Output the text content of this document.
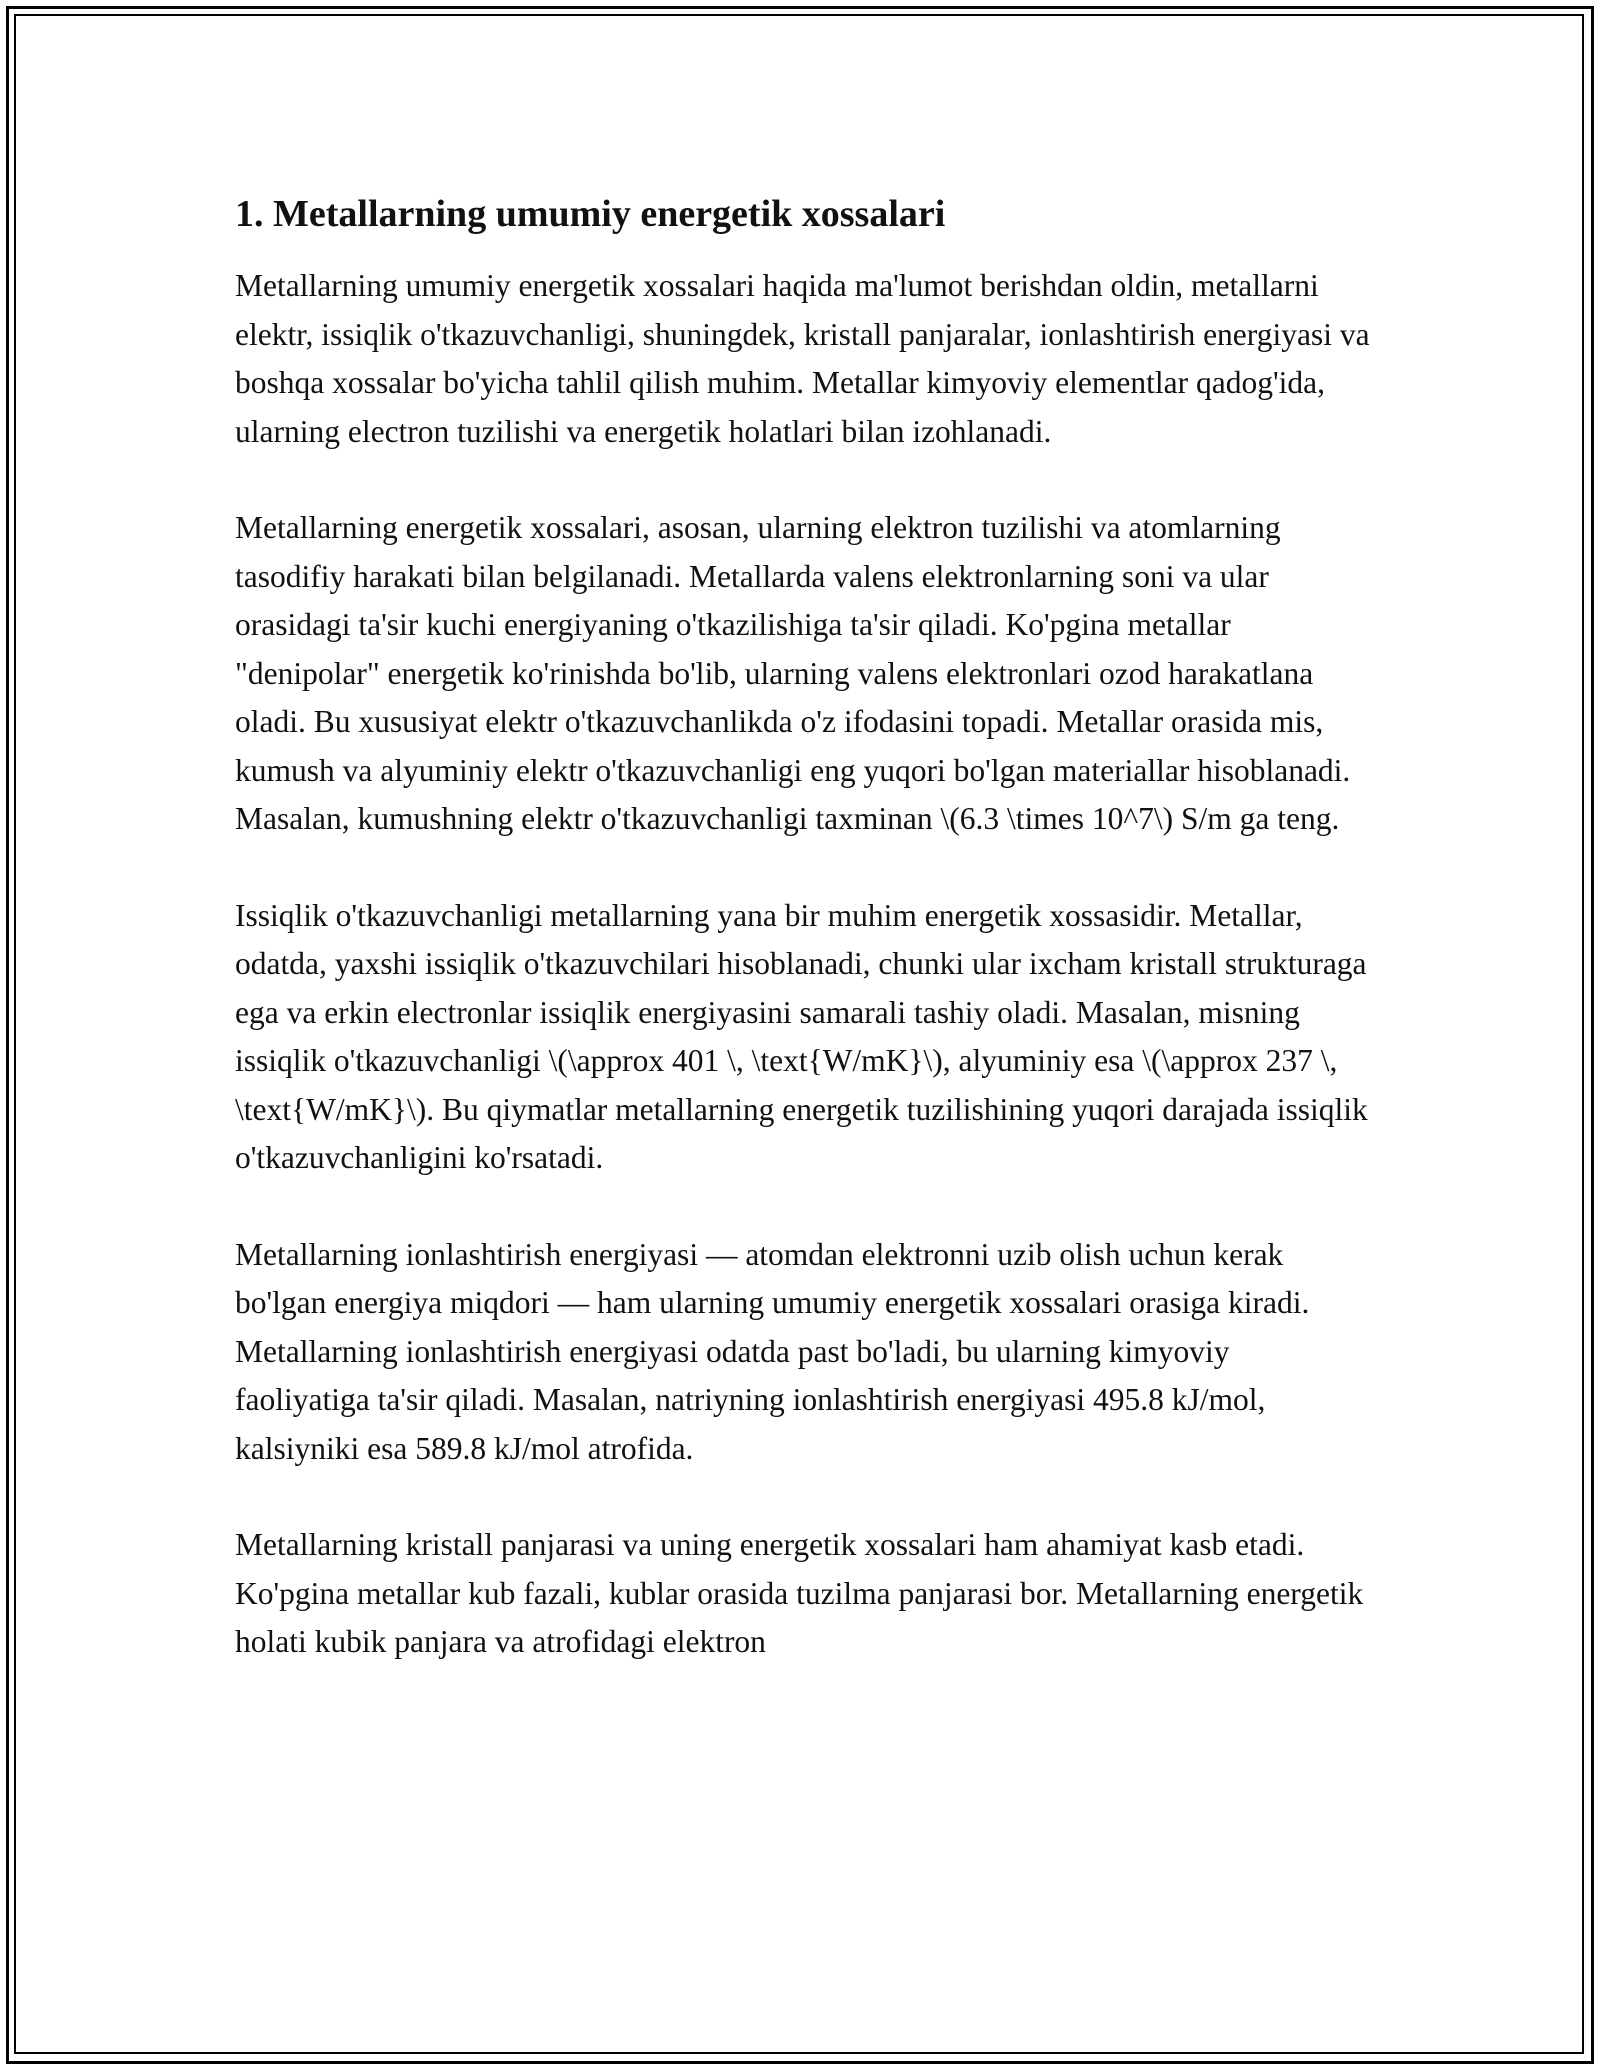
1. Metallarning umumiy energetik xossalari

Metallarning umumiy energetik xossalari haqida ma'lumot berishdan oldin, metallarni elektr, issiqlik o'tkazuvchanligi, shuningdek, kristall panjaralar, ionlashtirish energiyasi va boshqa xossalar bo'yicha tahlil qilish muhim. Metallar kimyoviy elementlar qadog'ida, ularning electron tuzilishi va energetik holatlari bilan izohlanadi.

Metallarning energetik xossalari, asosan, ularning elektron tuzilishi va atomlarning tasodifiy harakati bilan belgilanadi. Metallarda valens elektronlarning soni va ular orasidagi ta'sir kuchi energiyaning o'tkazilishiga ta'sir qiladi. Ko'pgina metallar "denipolar" energetik ko'rinishda bo'lib, ularning valens elektronlari ozod harakatlana oladi. Bu xususiyat elektr o'tkazuvchanlikda o'z ifodasini topadi. Metallar orasida mis, kumush va alyuminiy elektr o'tkazuvchanligi eng yuqori bo'lgan materiallar hisoblanadi. Masalan, kumushning elektr o'tkazuvchanligi taxminan \(6.3 \times 10^7\) S/m ga teng.

Issiqlik o'tkazuvchanligi metallarning yana bir muhim energetik xossasidir. Metallar, odatda, yaxshi issiqlik o'tkazuvchilari hisoblanadi, chunki ular ixcham kristall strukturaga ega va erkin electronlar issiqlik energiyasini samarali tashiy oladi. Masalan, misning issiqlik o'tkazuvchanligi \(\approx 401 \, \text{W/mK}\), alyuminiy esa \(\approx 237 \, \text{W/mK}\). Bu qiymatlar metallarning energetik tuzilishining yuqori darajada issiqlik o'tkazuvchanligini ko'rsatadi.

Metallarning ionlashtirish energiyasi — atomdan elektronni uzib olish uchun kerak bo'lgan energiya miqdori — ham ularning umumiy energetik xossalari orasiga kiradi. Metallarning ionlashtirish energiyasi odatda past bo'ladi, bu ularning kimyoviy faoliyatiga ta'sir qiladi. Masalan, natriyning ionlashtirish energiyasi 495.8 kJ/mol, kalsiyniki esa 589.8 kJ/mol atrofida.

Metallarning kristall panjarasi va uning energetik xossalari ham ahamiyat kasb etadi. Ko'pgina metallar kub fazali, kublar orasida tuzilma panjarasi bor. Metallarning energetik holati kubik panjara va atrofidagi elektron
